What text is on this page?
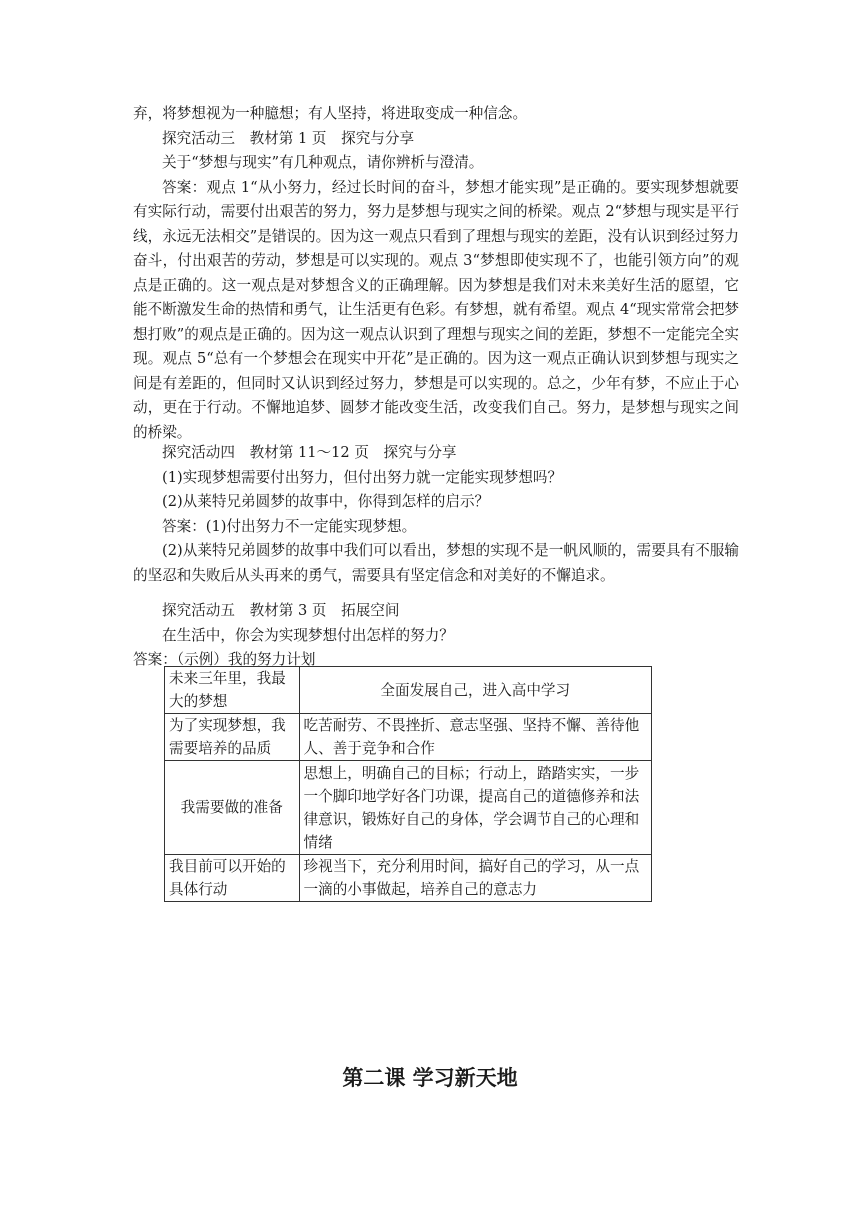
弃，将梦想视为一种臆想；有人坚持，将进取变成一种信念。

探究活动三　教材第 1 页　探究与分享

关于“梦想与现实”有几种观点，请你辨析与澄清。

答案：观点 1“从小努力，经过长时间的奋斗，梦想才能实现”是正确的。要实现梦想就要有实际行动，需要付出艰苦的努力，努力是梦想与现实之间的桥梁。观点 2“梦想与现实是平行线，永远无法相交”是错误的。因为这一观点只看到了理想与现实的差距，没有认识到经过努力奋斗，付出艰苦的劳动，梦想是可以实现的。观点 3“梦想即使实现不了，也能引领方向”的观点是正确的。这一观点是对梦想含义的正确理解。因为梦想是我们对未来美好生活的愿望，它能不断激发生命的热情和勇气，让生活更有色彩。有梦想，就有希望。观点 4“现实常常会把梦想打败”的观点是正确的。因为这一观点认识到了理想与现实之间的差距，梦想不一定能完全实现。观点 5“总有一个梦想会在现实中开花”是正确的。因为这一观点正确认识到梦想与现实之间是有差距的，但同时又认识到经过努力，梦想是可以实现的。总之，少年有梦，不应止于心动，更在于行动。不懈地追梦、圆梦才能改变生活，改变我们自己。努力，是梦想与现实之间的桥梁。

探究活动四　教材第 11～12 页　探究与分享

(1)实现梦想需要付出努力，但付出努力就一定能实现梦想吗？

(2)从莱特兄弟圆梦的故事中，你得到怎样的启示？

答案：(1)付出努力不一定能实现梦想。

(2)从莱特兄弟圆梦的故事中我们可以看出，梦想的实现不是一帆风顺的，需要具有不服输的坚忍和失败后从头再来的勇气，需要具有坚定信念和对美好的不懈追求。

探究活动五　教材第 3 页　拓展空间

在生活中，你会为实现梦想付出怎样的努力？

答案：（示例）我的努力计划

未来三年里，我最大的梦想	全面发展自己，进入高中学习
为了实现梦想，我需要培养的品质	吃苦耐劳、不畏挫折、意志坚强、坚持不懈、善待他人、善于竞争和合作
我需要做的准备	思想上，明确自己的目标；行动上，踏踏实实，一步一个脚印地学好各门功课，提高自己的道德修养和法律意识，锻炼好自己的身体，学会调节自己的心理和情绪
我目前可以开始的具体行动	珍视当下，充分利用时间，搞好自己的学习，从一点一滴的小事做起，培养自己的意志力
第二课 学习新天地
